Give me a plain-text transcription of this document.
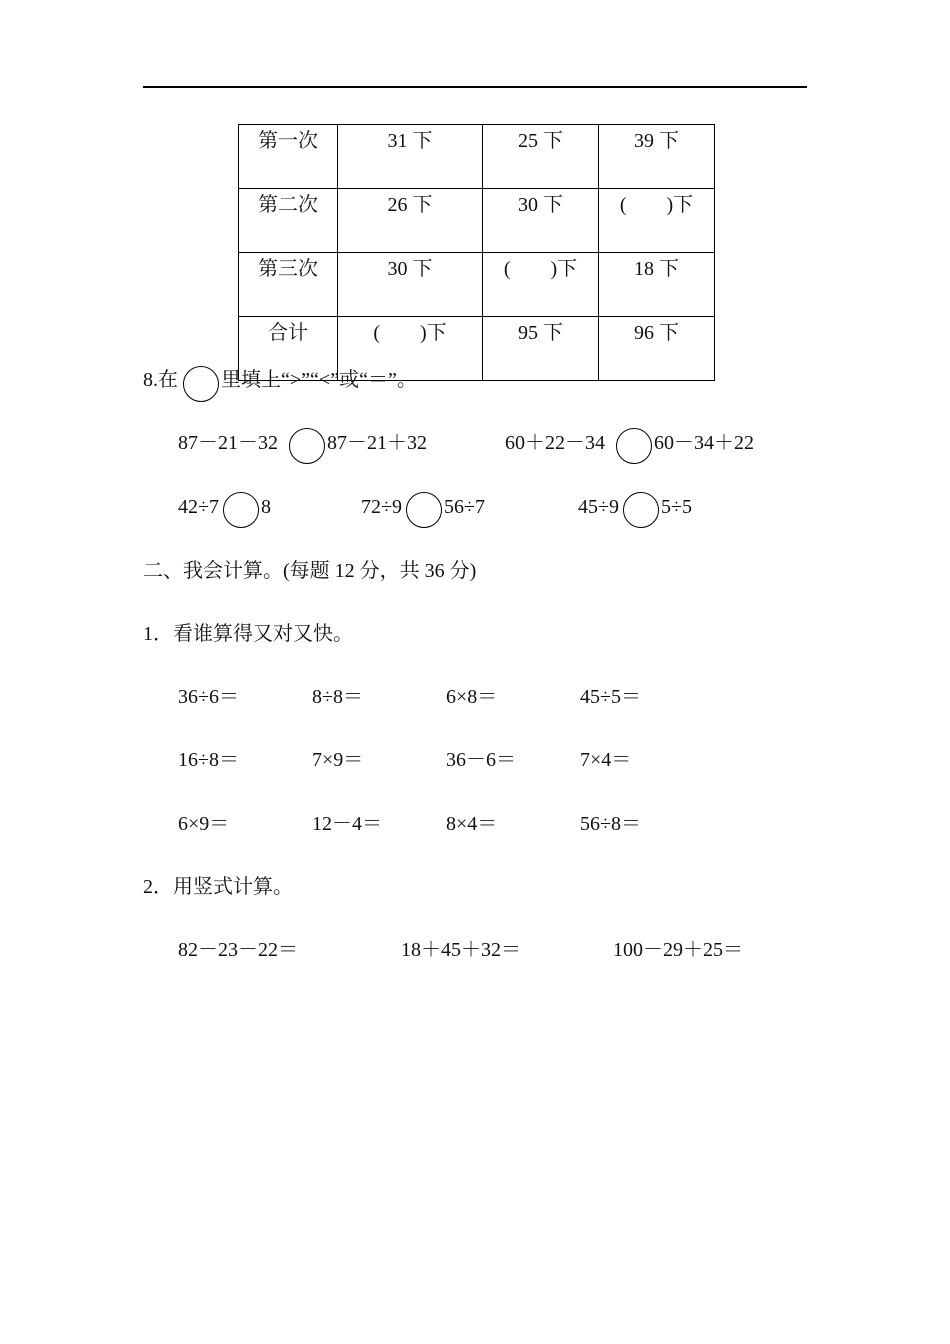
第一次	31 下	25 下	39 下
第二次	26 下	30 下	(　　)下
第三次	30 下	(　　)下	18 下
合计	(　　)下	95 下	96 下
8.在 里填上“>”“<”或“＝”。
87－21－32 87－21＋32	60＋22－34 60－34＋22
42÷7 8	72÷9 56÷7	45÷9 5÷5
二、我会计算。(每题 12 分，共 36 分)
1．看谁算得又对又快。
36÷6＝	8÷8＝	6×8＝	45÷5＝
16÷8＝	7×9＝	36－6＝	7×4＝
6×9＝	12－4＝	8×4＝	56÷8＝
2．用竖式计算。
82－23－22＝	18＋45＋32＝	100－29＋25＝
